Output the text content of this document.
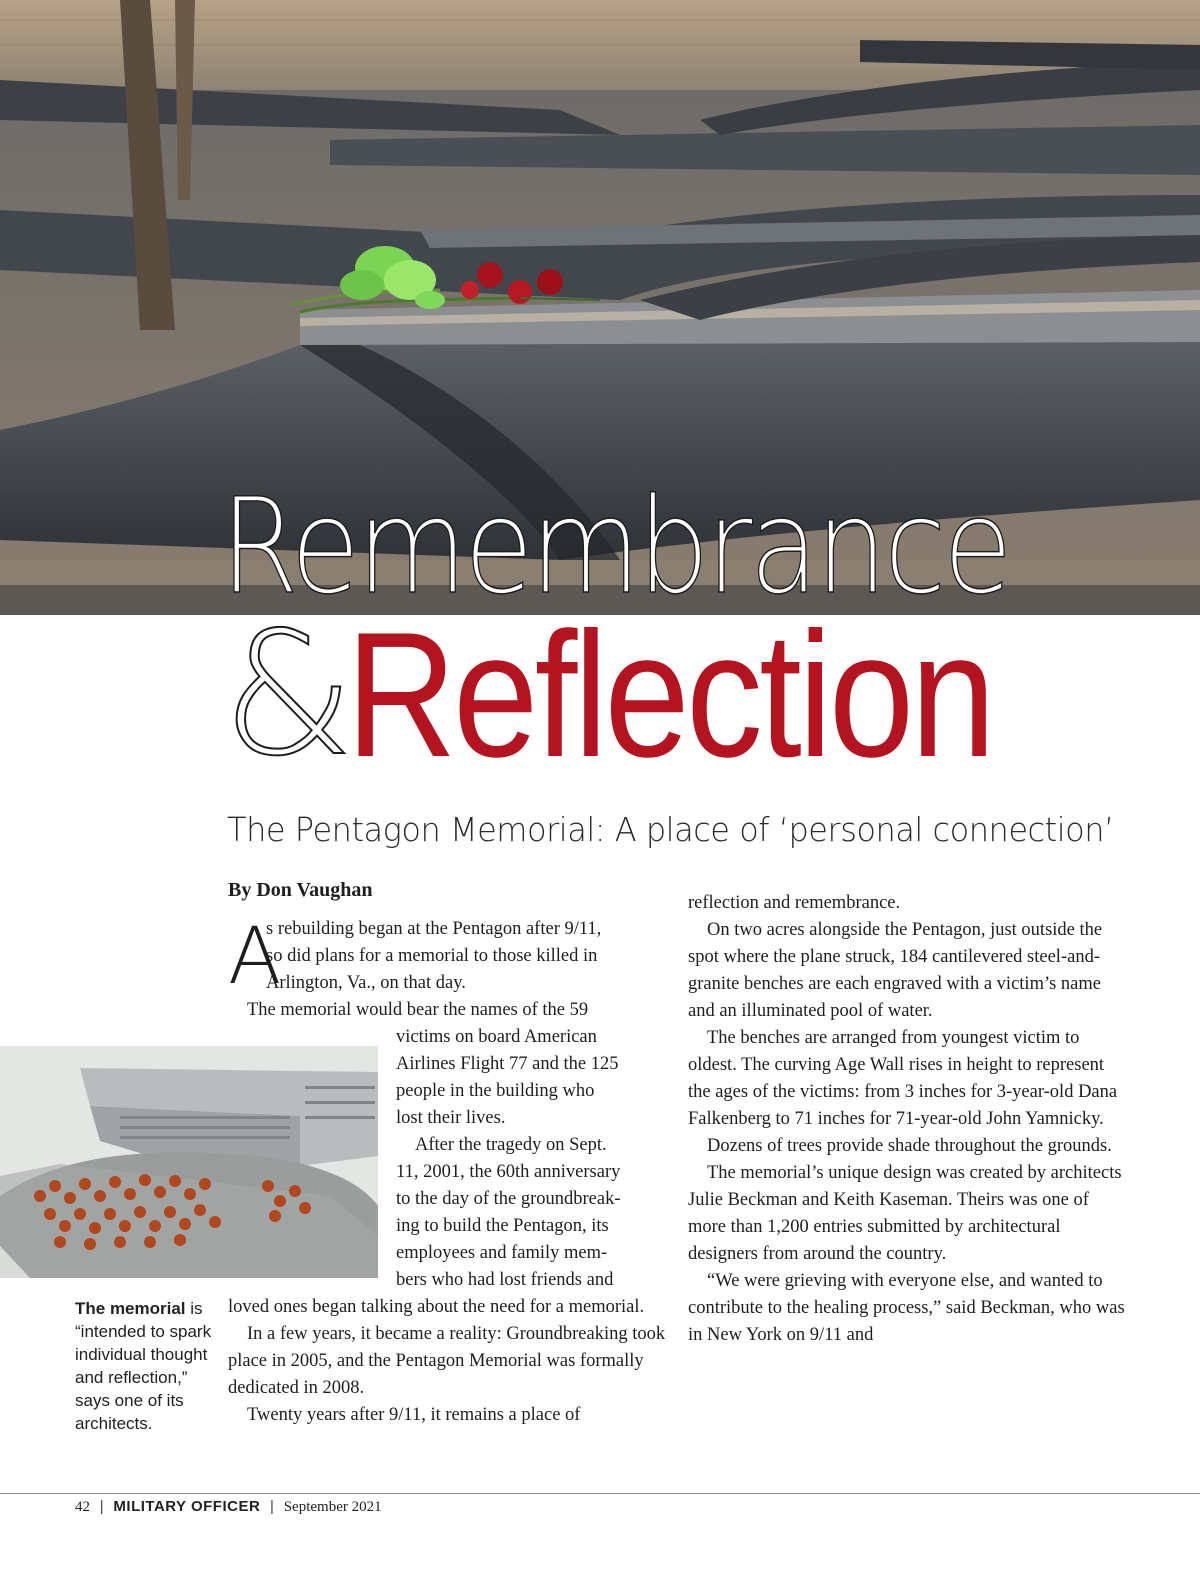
Remembrance
&
Reflection
The Pentagon Memorial: A place of ‘personal connection’
By Don Vaughan
A
s rebuilding began at the Pentagon after 9/11,
so did plans for a memorial to those killed in
Arlington, Va., on that day.

The memorial would bear the names of the 59

victims on board American

Airlines Flight 77 and the 125

people in the building who

lost their lives.

After the tragedy on Sept.

11, 2001, the 60th anniversary

to the day of the groundbreak-

ing to build the Pentagon, its

employees and family mem-

bers who had lost friends and

loved ones began talking about the need for a memorial.

In a few years, it became a reality: Groundbreaking took place in 2005, and the Pentagon Memorial was formally dedicated in 2008.

Twenty years after 9/11, it remains a place of

The memorial is “intended to spark individual thought and reflection,” says one of its architects.

reflection and remembrance.

On two acres alongside the Pentagon, just outside the spot where the plane struck, 184 cantilevered steel-and-granite benches are each engraved with a victim’s name and an illuminated pool of water.

The benches are arranged from youngest victim to oldest. The curving Age Wall rises in height to represent the ages of the victims: from 3 inches for 3-year-old Dana Falkenberg to 71 inches for 71-year-old John Yamnicky.

Dozens of trees provide shade throughout the grounds.

The memorial’s unique design was created by architects Julie Beckman and Keith Kaseman. Theirs was one of more than 1,200 entries submitted by architectural designers from around the country.

“We were grieving with everyone else, and wanted to contribute to the healing process,” said Beckman, who was in New York on 9/11 and

42 | MILITARY OFFICER | September 2021
